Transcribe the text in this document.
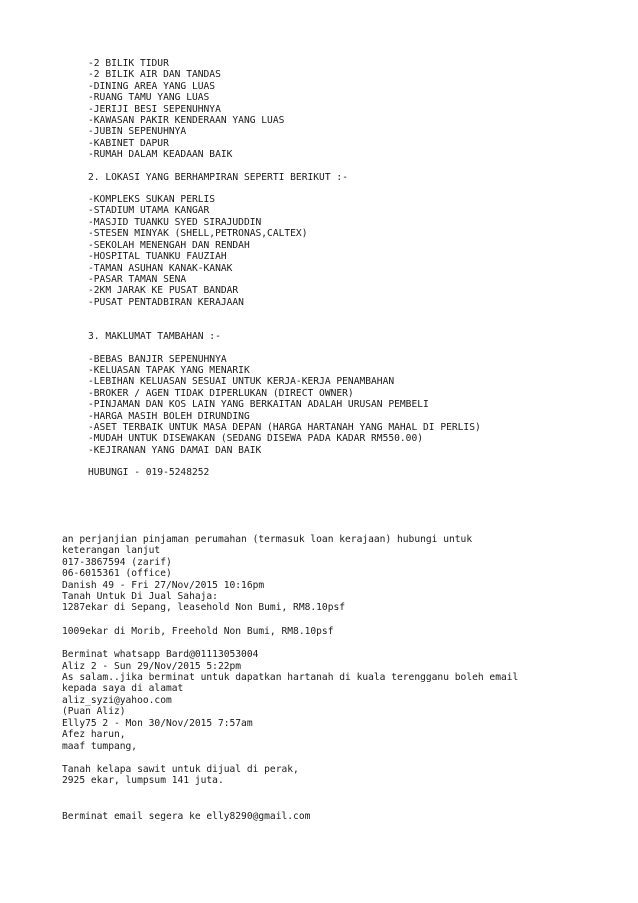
-2 BILIK TIDUR

-2 BILIK AIR DAN TANDAS

-DINING AREA YANG LUAS

-RUANG TAMU YANG LUAS

-JERIJI BESI SEPENUHNYA

-KAWASAN PAKIR KENDERAAN YANG LUAS

-JUBIN SEPENUHNYA

-KABINET DAPUR

-RUMAH DALAM KEADAAN BAIK

2. LOKASI YANG BERHAMPIRAN SEPERTI BERIKUT :-

-KOMPLEKS SUKAN PERLIS

-STADIUM UTAMA KANGAR

-MASJID TUANKU SYED SIRAJUDDIN

-STESEN MINYAK (SHELL,PETRONAS,CALTEX)

-SEKOLAH MENENGAH DAN RENDAH

-HOSPITAL TUANKU FAUZIAH

-TAMAN ASUHAN KANAK-KANAK

-PASAR TAMAN SENA

-2KM JARAK KE PUSAT BANDAR

-PUSAT PENTADBIRAN KERAJAAN

3. MAKLUMAT TAMBAHAN :-

-BEBAS BANJIR SEPENUHNYA

-KELUASAN TAPAK YANG MENARIK

-LEBIHAN KELUASAN SESUAI UNTUK KERJA-KERJA PENAMBAHAN

-BROKER / AGEN TIDAK DIPERLUKAN (DIRECT OWNER)

-PINJAMAN DAN KOS LAIN YANG BERKAITAN ADALAH URUSAN PEMBELI

-HARGA MASIH BOLEH DIRUNDING

-ASET TERBAIK UNTUK MASA DEPAN (HARGA HARTANAH YANG MAHAL DI PERLIS)

-MUDAH UNTUK DISEWAKAN (SEDANG DISEWA PADA KADAR RM550.00)

-KEJIRANAN YANG DAMAI DAN BAIK

HUBUNGI - 019-5248252

an perjanjian pinjaman perumahan (termasuk loan kerajaan) hubungi untuk

keterangan lanjut

017-3867594 (zarif)

06-6015361 (office)

Danish 49 - Fri 27/Nov/2015 10:16pm

Tanah Untuk Di Jual Sahaja:

1287ekar di Sepang, leasehold Non Bumi, RM8.10psf

1009ekar di Morib, Freehold Non Bumi, RM8.10psf

Berminat whatsapp Bard@01113053004

Aliz 2 - Sun 29/Nov/2015 5:22pm

As salam..jika berminat untuk dapatkan hartanah di kuala terengganu boleh email

kepada saya di alamat

aliz_syzi@yahoo.com

(Puan Aliz)

Elly75 2 - Mon 30/Nov/2015 7:57am

Afez harun,

maaf tumpang,

Tanah kelapa sawit untuk dijual di perak,

2925 ekar, lumpsum 141 juta.

Berminat email segera ke elly8290@gmail.com
